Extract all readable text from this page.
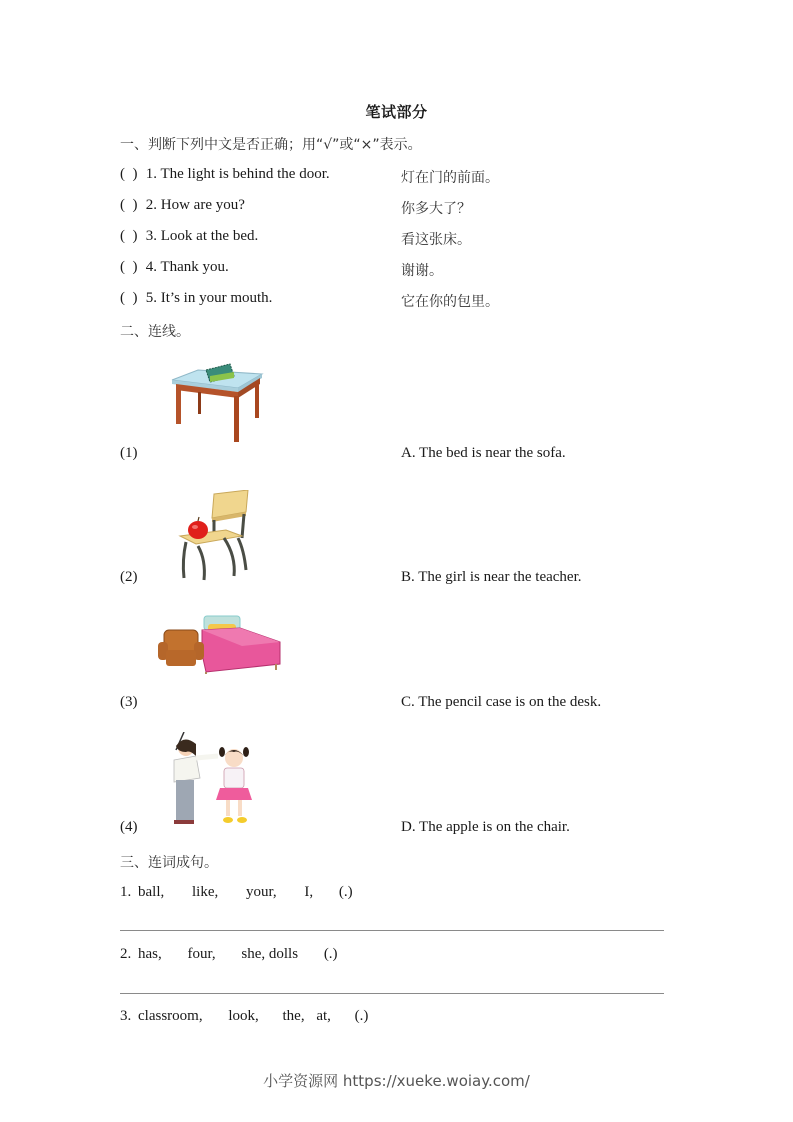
笔试部分
一、判断下列中文是否正确；用“√”或“×”表示。
(  ) 1. The light is behind the door.	灯在门的前面。
(  ) 2. How are you?	你多大了？
(  ) 3. Look at the bed.	看这张床。
(  ) 4. Thank you.	谢谢。
(  ) 5. It’s in your mouth.	它在你的包里。
二、连线。
(1)	A. The bed is near the sofa.
(2)	B. The girl is near the teacher.
(3)	C. The pencil case is on the desk.
(4)	D. The apple is on the chair.
三、连词成句。
1. ball, like, your, I, (.)
2. has, four, she, dolls (.)
3. classroom, look, the, at, (.)
小学资源网 https://xueke.woiay.com/
